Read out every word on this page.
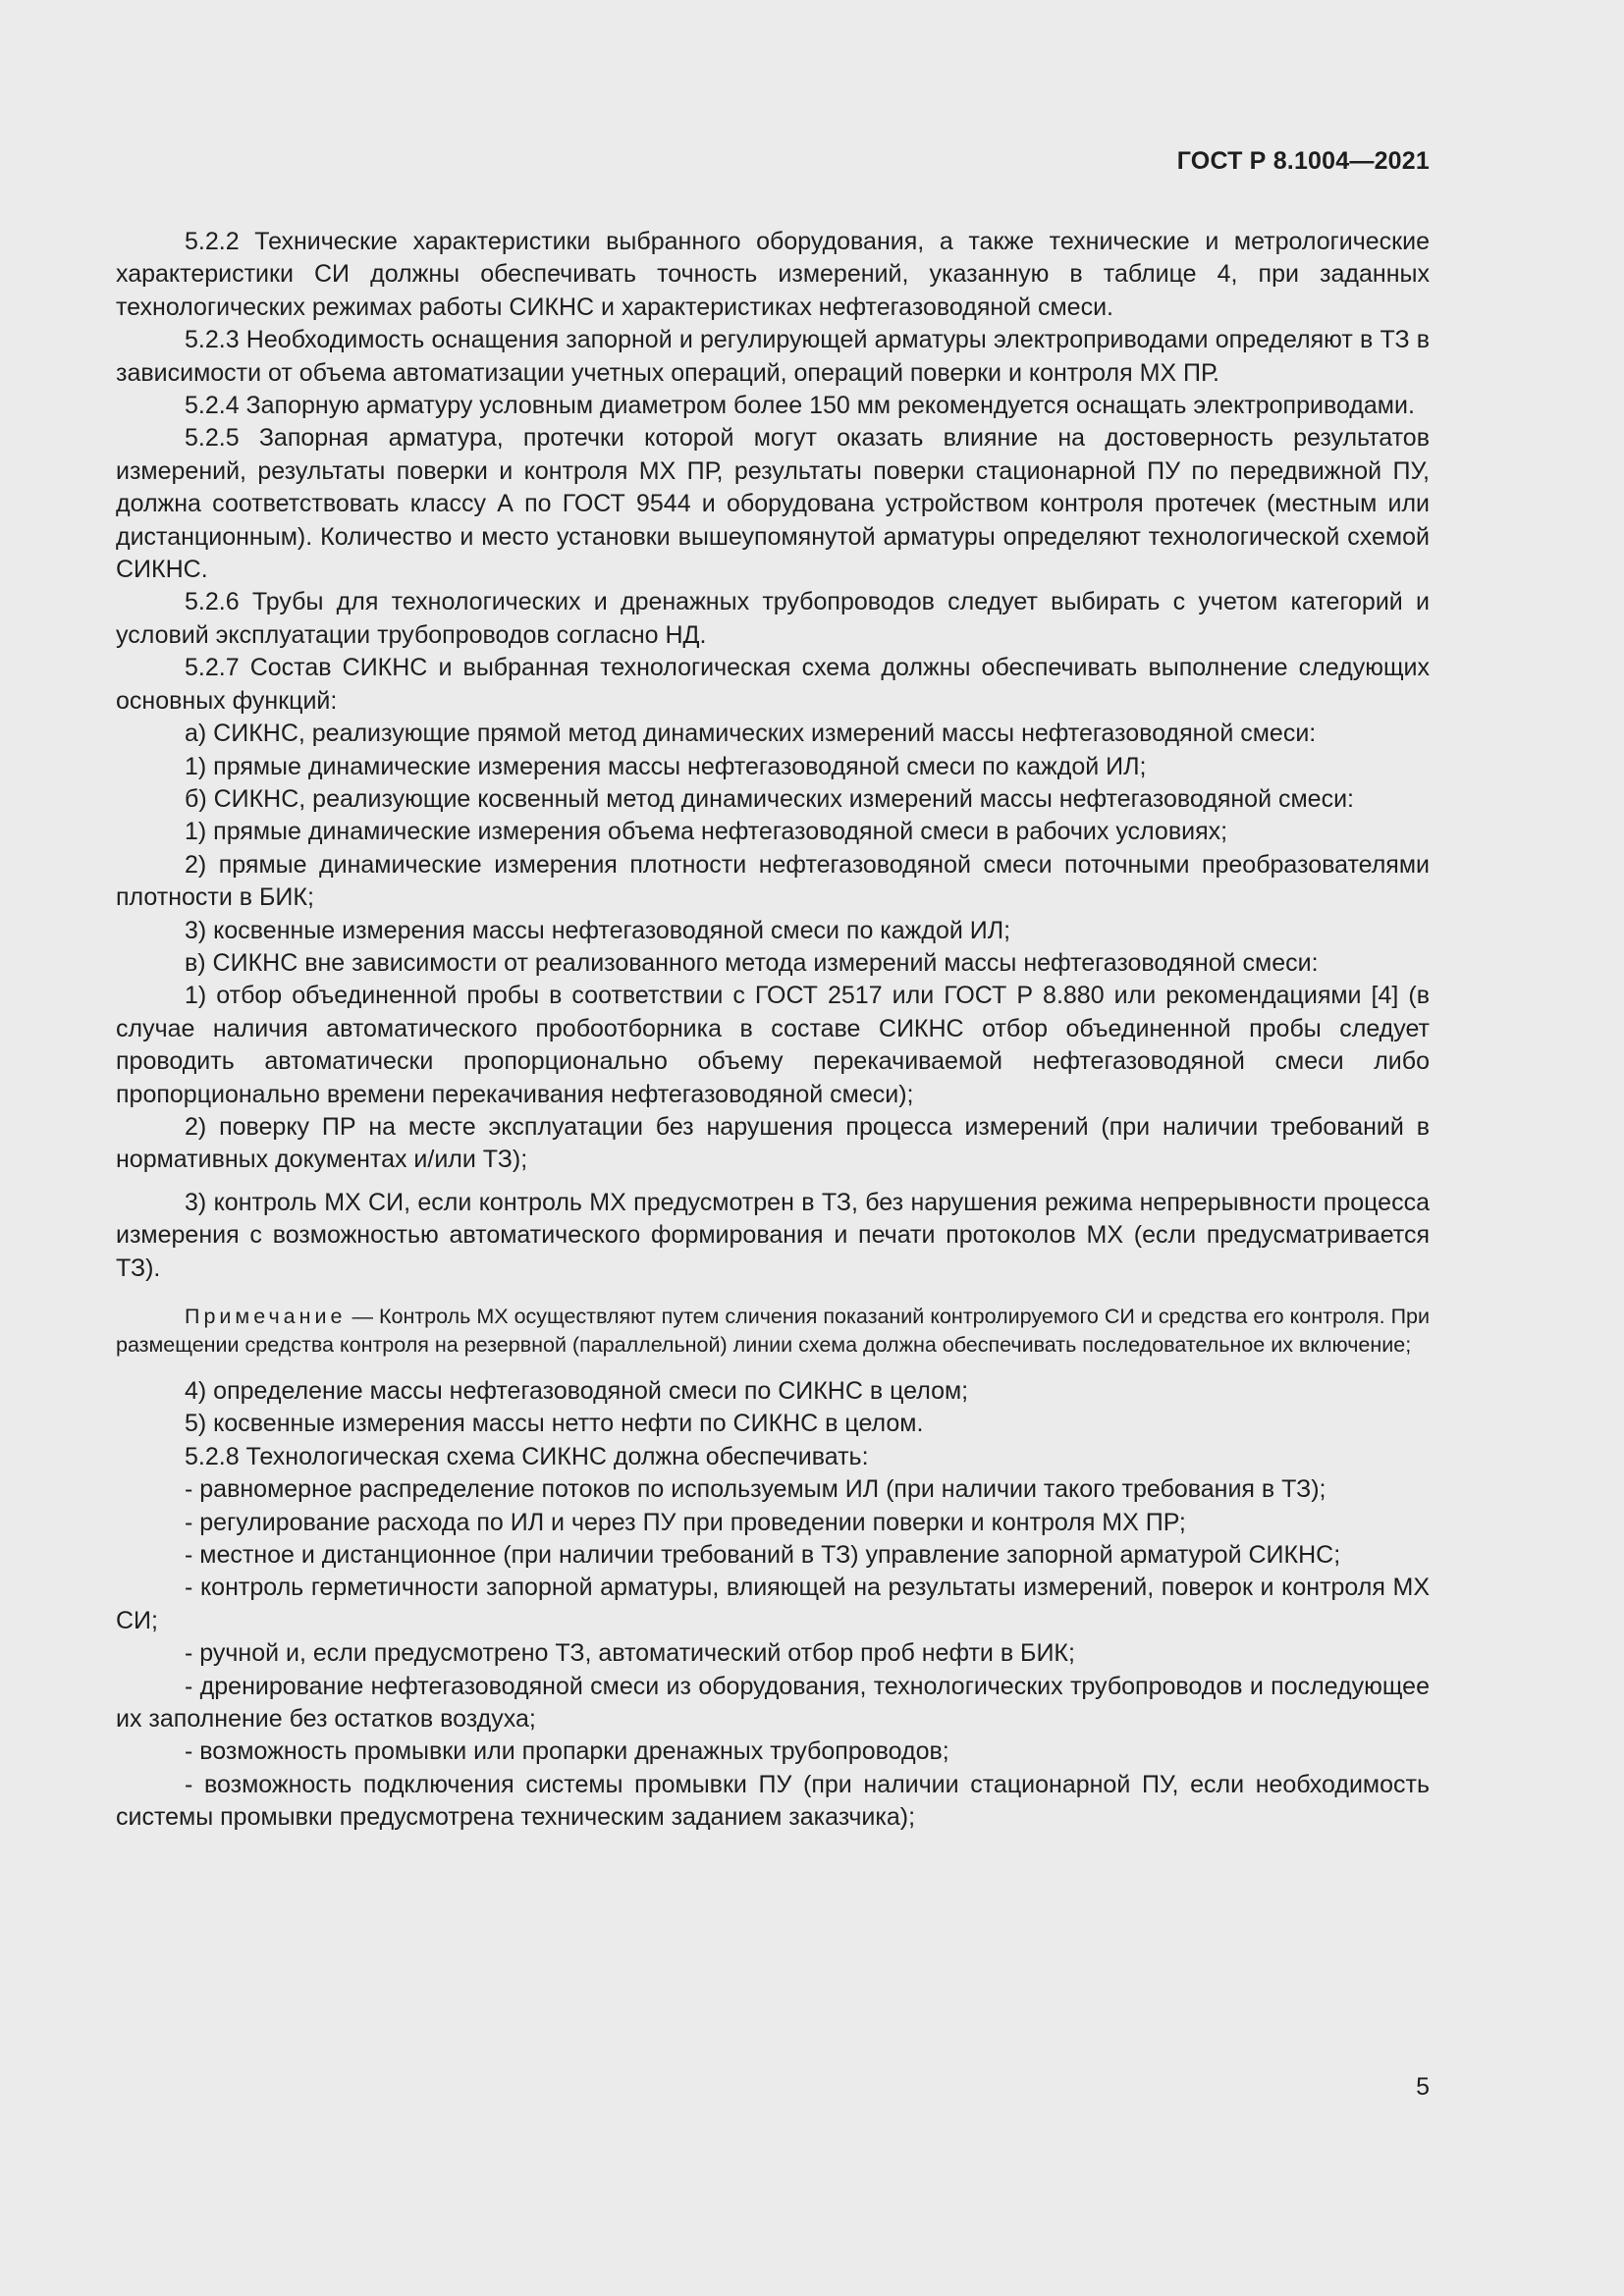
ГОСТ Р 8.1004—2021

5.2.2 Технические характеристики выбранного оборудования, а также технические и метрологические характеристики СИ должны обеспечивать точность измерений, указанную в таблице 4, при заданных технологических режимах работы СИКНС и характеристиках нефтегазоводяной смеси.

5.2.3 Необходимость оснащения запорной и регулирующей арматуры электроприводами определяют в ТЗ в зависимости от объема автоматизации учетных операций, операций поверки и контроля МХ ПР.

5.2.4 Запорную арматуру условным диаметром более 150 мм рекомендуется оснащать электроприводами.

5.2.5 Запорная арматура, протечки которой могут оказать влияние на достоверность результатов измерений, результаты поверки и контроля МХ ПР, результаты поверки стационарной ПУ по передвижной ПУ, должна соответствовать классу А по ГОСТ 9544 и оборудована устройством контроля протечек (местным или дистанционным). Количество и место установки вышеупомянутой арматуры определяют технологической схемой СИКНС.

5.2.6 Трубы для технологических и дренажных трубопроводов следует выбирать с учетом категорий и условий эксплуатации трубопроводов согласно НД.

5.2.7 Состав СИКНС и выбранная технологическая схема должны обеспечивать выполнение следующих основных функций:

а) СИКНС, реализующие прямой метод динамических измерений массы нефтегазоводяной смеси:

1) прямые динамические измерения массы нефтегазоводяной смеси по каждой ИЛ;

б) СИКНС, реализующие косвенный метод динамических измерений массы нефтегазоводяной смеси:

1) прямые динамические измерения объема нефтегазоводяной смеси в рабочих условиях;

2) прямые динамические измерения плотности нефтегазоводяной смеси поточными преобразователями плотности в БИК;

3) косвенные измерения массы нефтегазоводяной смеси по каждой ИЛ;

в) СИКНС вне зависимости от реализованного метода измерений массы нефтегазоводяной смеси:

1) отбор объединенной пробы в соответствии с ГОСТ 2517 или ГОСТ Р 8.880 или рекомендациями [4] (в случае наличия автоматического пробоотборника в составе СИКНС отбор объединенной пробы следует проводить автоматически пропорционально объему перекачиваемой нефтегазоводяной смеси либо пропорционально времени перекачивания нефтегазоводяной смеси);

2) поверку ПР на месте эксплуатации без нарушения процесса измерений (при наличии требований в нормативных документах и/или ТЗ);

3) контроль МХ СИ, если контроль МХ предусмотрен в ТЗ, без нарушения режима непрерывности процесса измерения с возможностью автоматического формирования и печати протоколов МХ (если предусматривается ТЗ).

Примечание — Контроль МХ осуществляют путем сличения показаний контролируемого СИ и средства его контроля. При размещении средства контроля на резервной (параллельной) линии схема должна обеспечивать последовательное их включение;

4) определение массы нефтегазоводяной смеси по СИКНС в целом;

5) косвенные измерения массы нетто нефти по СИКНС в целом.

5.2.8 Технологическая схема СИКНС должна обеспечивать:

- равномерное распределение потоков по используемым ИЛ (при наличии такого требования в ТЗ);

- регулирование расхода по ИЛ и через ПУ при проведении поверки и контроля МХ ПР;

- местное и дистанционное (при наличии требований в ТЗ) управление запорной арматурой СИКНС;

- контроль герметичности запорной арматуры, влияющей на результаты измерений, поверок и контроля МХ СИ;

- ручной и, если предусмотрено ТЗ, автоматический отбор проб нефти в БИК;

- дренирование нефтегазоводяной смеси из оборудования, технологических трубопроводов и последующее их заполнение без остатков воздуха;

- возможность промывки или пропарки дренажных трубопроводов;

- возможность подключения системы промывки ПУ (при наличии стационарной ПУ, если необходимость системы промывки предусмотрена техническим заданием заказчика);

5
